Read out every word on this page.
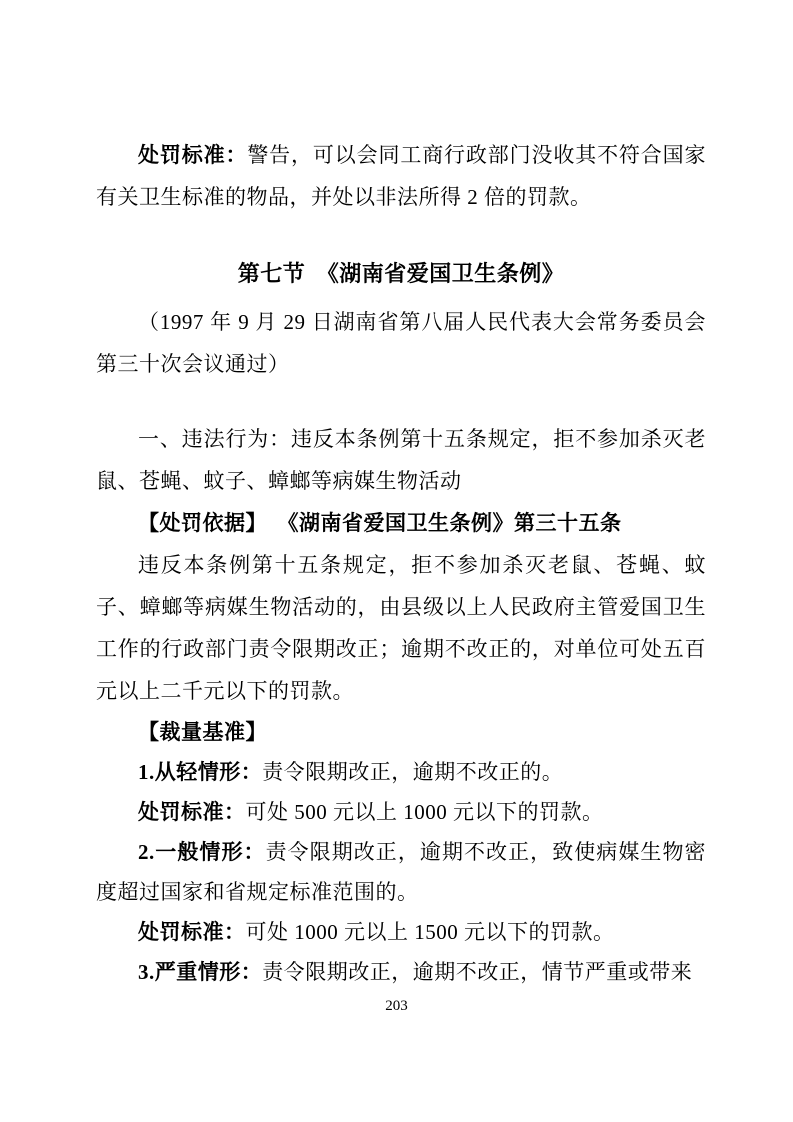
处罚标准：警告，可以会同工商行政部门没收其不符合国家有关卫生标准的物品，并处以非法所得 2 倍的罚款。

第七节　《湖南省爱国卫生条例》

（1997 年 9 月 29 日湖南省第八届人民代表大会常务委员会第三十次会议通过）

一、违法行为：违反本条例第十五条规定，拒不参加杀灭老鼠、苍蝇、蚊子、蟑螂等病媒生物活动

【处罚依据】 《湖南省爱国卫生条例》第三十五条

违反本条例第十五条规定，拒不参加杀灭老鼠、苍蝇、蚊子、蟑螂等病媒生物活动的，由县级以上人民政府主管爱国卫生工作的行政部门责令限期改正；逾期不改正的，对单位可处五百元以上二千元以下的罚款。

【裁量基准】

1.从轻情形：责令限期改正，逾期不改正的。

处罚标准：可处 500 元以上 1000 元以下的罚款。

2.一般情形：责令限期改正，逾期不改正，致使病媒生物密度超过国家和省规定标准范围的。

处罚标准：可处 1000 元以上 1500 元以下的罚款。

3.严重情形：责令限期改正，逾期不改正，情节严重或带来

203
